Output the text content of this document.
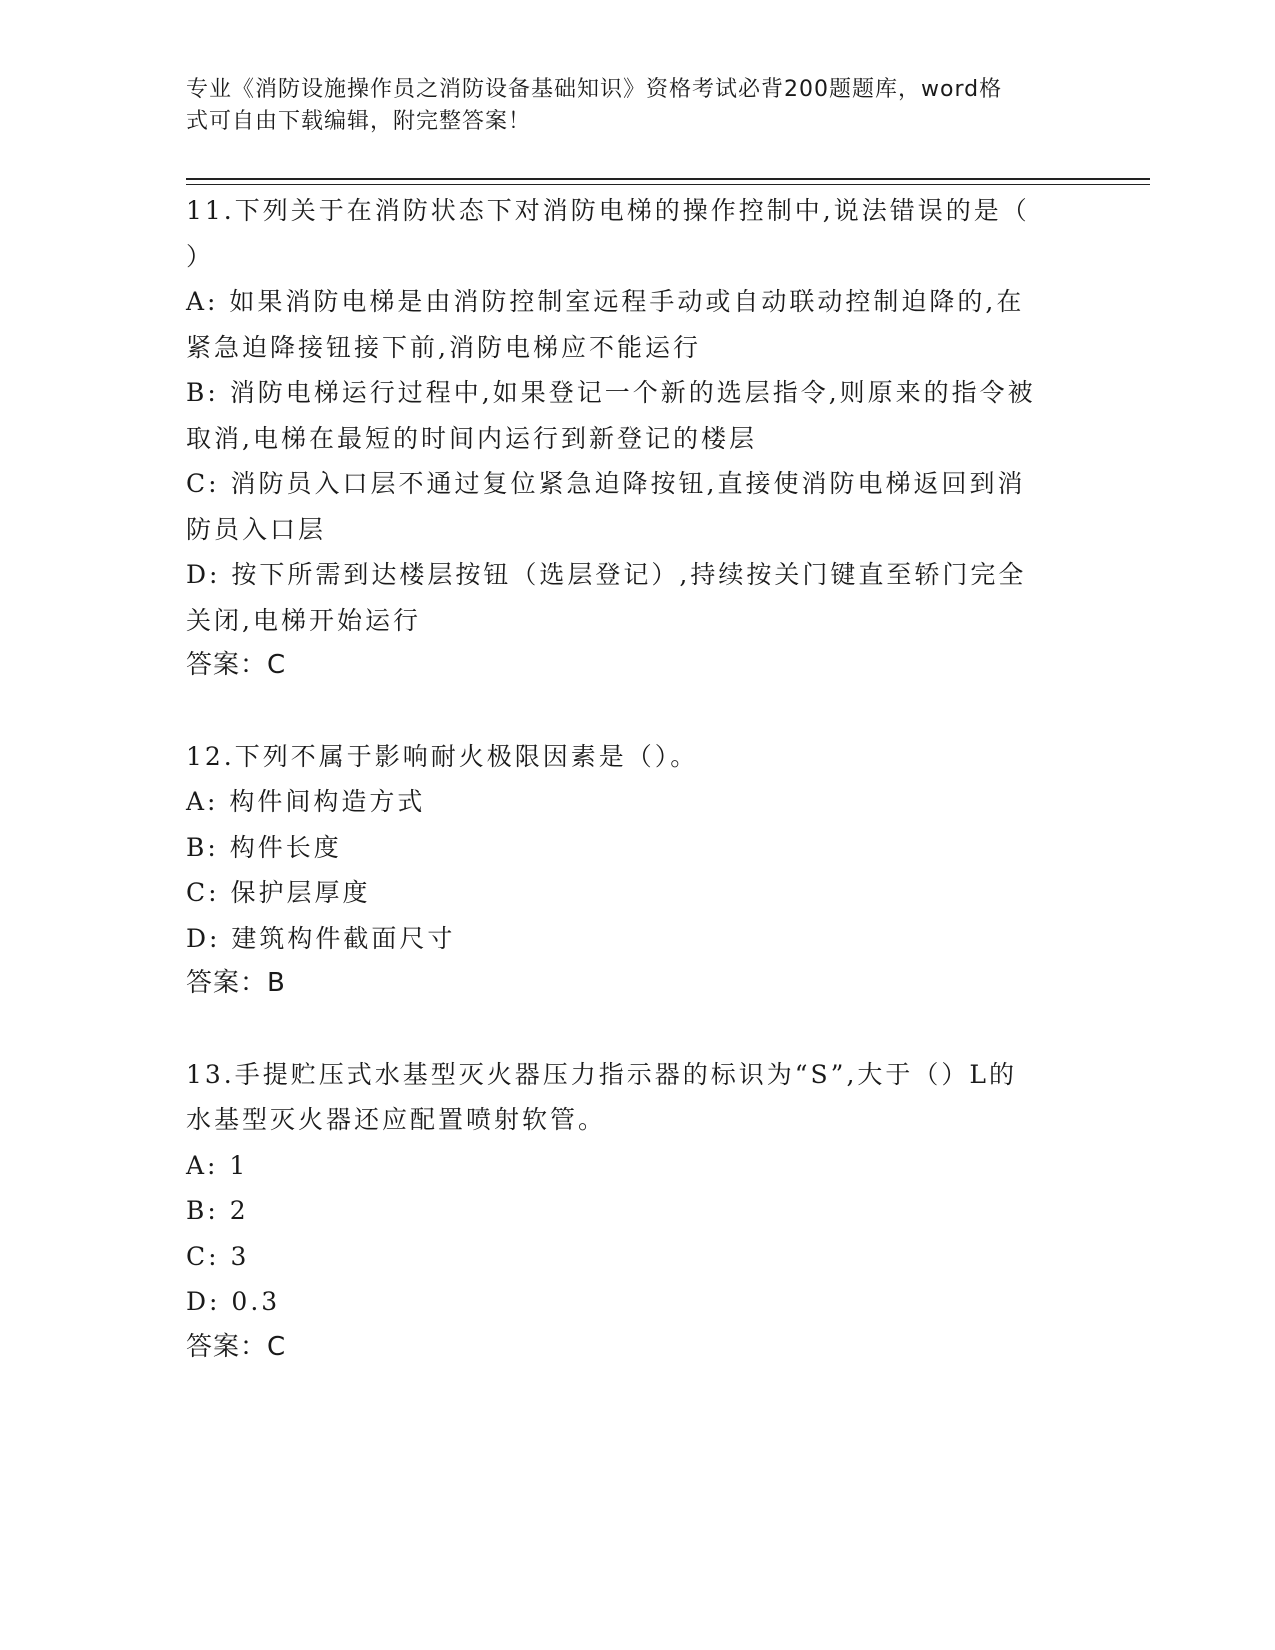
专业《消防设施操作员之消防设备基础知识》资格考试必背200题题库，word格
式可自由下载编辑，附完整答案！
11.下列关于在消防状态下对消防电梯的操作控制中,说法错误的是（
）
A: 如果消防电梯是由消防控制室远程手动或自动联动控制迫降的,在
紧急迫降接钮接下前,消防电梯应不能运行
B: 消防电梯运行过程中,如果登记一个新的选层指令,则原来的指令被
取消,电梯在最短的时间内运行到新登记的楼层
C: 消防员入口层不通过复位紧急迫降按钮,直接使消防电梯返回到消
防员入口层
D: 按下所需到达楼层按钮（选层登记）,持续按关门键直至轿门完全
关闭,电梯开始运行
答案：C
12.下列不属于影响耐火极限因素是（）。
A: 构件间构造方式
B: 构件长度
C: 保护层厚度
D: 建筑构件截面尺寸
答案：B
13.手提贮压式水基型灭火器压力指示器的标识为“S”,大于（）L的
水基型灭火器还应配置喷射软管。
A: 1
B: 2
C: 3
D: 0.3
答案：C
